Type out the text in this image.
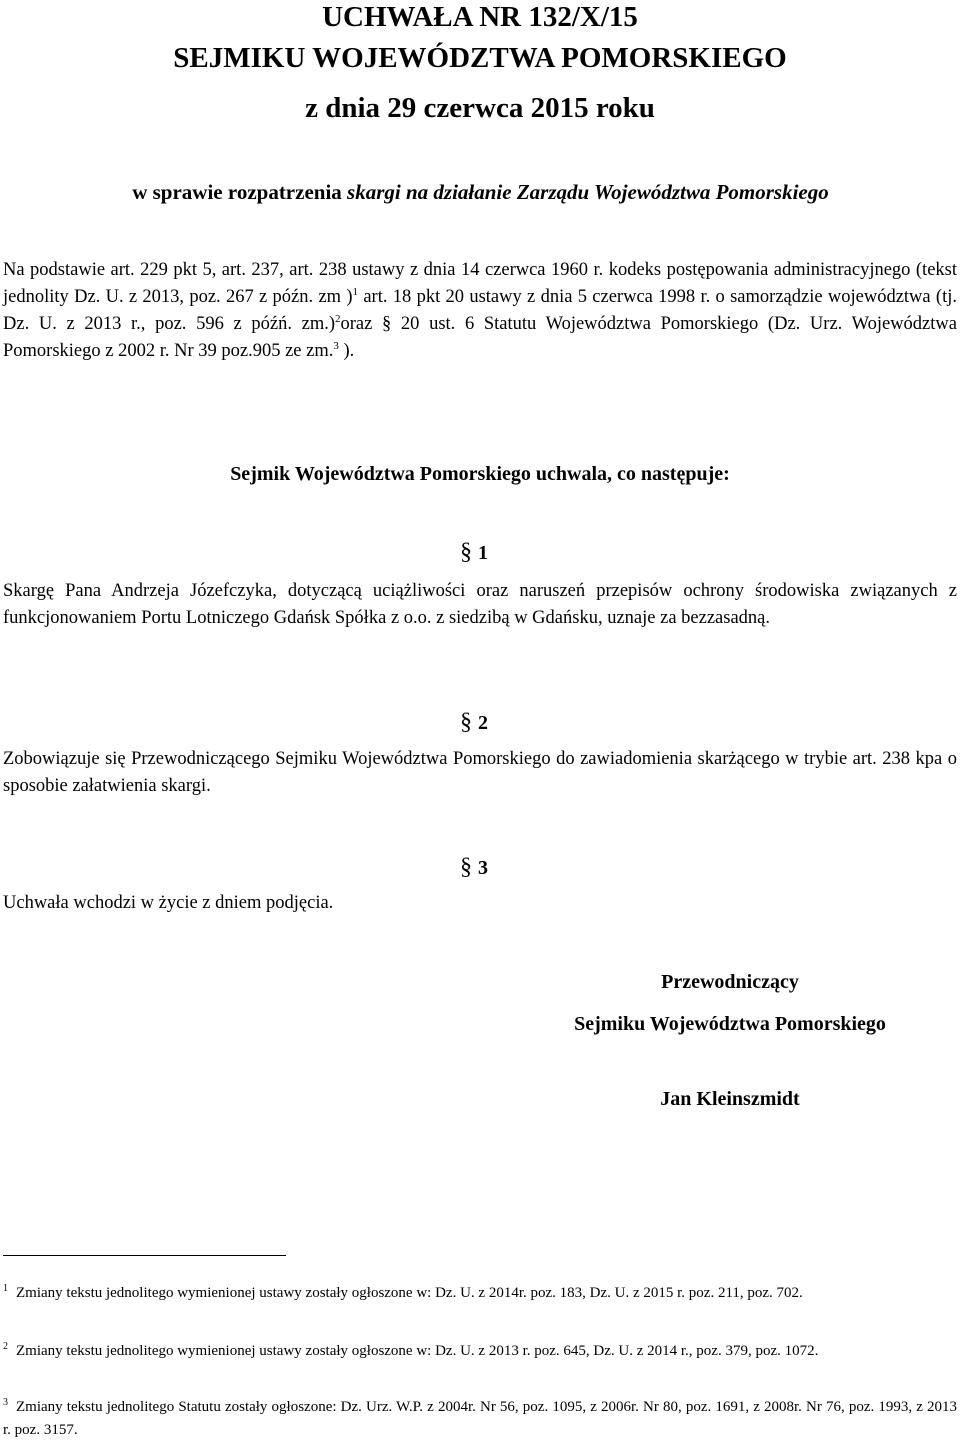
UCHWAŁA NR 132/X/15
SEJMIKU WOJEWÓDZTWA POMORSKIEGO
z dnia 29 czerwca 2015 roku
w sprawie rozpatrzenia skargi na działanie Zarządu Województwa Pomorskiego
Na podstawie art. 229 pkt 5, art. 237, art. 238 ustawy z dnia 14 czerwca 1960 r. kodeks postępowania administracyjnego (tekst jednolity Dz. U. z 2013, poz. 267 z późn. zm )$^1$ art. 18 pkt 20 ustawy z dnia 5 czerwca 1998 r. o samorządzie województwa (tj. Dz. U. z 2013 r., poz. 596 z późń. zm.)$^2$oraz § 20 ust. 6 Statutu Województwa Pomorskiego (Dz. Urz. Województwa Pomorskiego z 2002 r. Nr 39 poz.905 ze zm.$^3$ ).
Sejmik Województwa Pomorskiego uchwala, co następuje:
§ 1
Skargę Pana Andrzeja Józefczyka, dotyczącą uciążliwości oraz naruszeń przepisów ochrony środowiska związanych z funkcjonowaniem Portu Lotniczego Gdańsk Spółka z o.o. z siedzibą w Gdańsku, uznaje za bezzasadną.
§ 2
Zobowiązuje się Przewodniczącego Sejmiku Województwa Pomorskiego do zawiadomienia skarżącego w trybie art. 238 kpa o sposobie załatwienia skargi.
§ 3
Uchwała wchodzi w życie z dniem podjęcia.
Przewodniczący
Sejmiku Województwa Pomorskiego
Jan Kleinszmidt
$^1$ Zmiany tekstu jednolitego wymienionej ustawy zostały ogłoszone w: Dz. U. z 2014r. poz. 183, Dz. U. z 2015 r. poz. 211, poz. 702.
$^2$ Zmiany tekstu jednolitego wymienionej ustawy zostały ogłoszone w: Dz. U. z 2013 r. poz. 645, Dz. U. z 2014 r., poz. 379, poz. 1072.
$^3$ Zmiany tekstu jednolitego Statutu zostały ogłoszone: Dz. Urz. W.P. z 2004r. Nr 56, poz. 1095, z 2006r. Nr 80, poz. 1691, z 2008r. Nr 76, poz. 1993, z 2013 r. poz. 3157.
